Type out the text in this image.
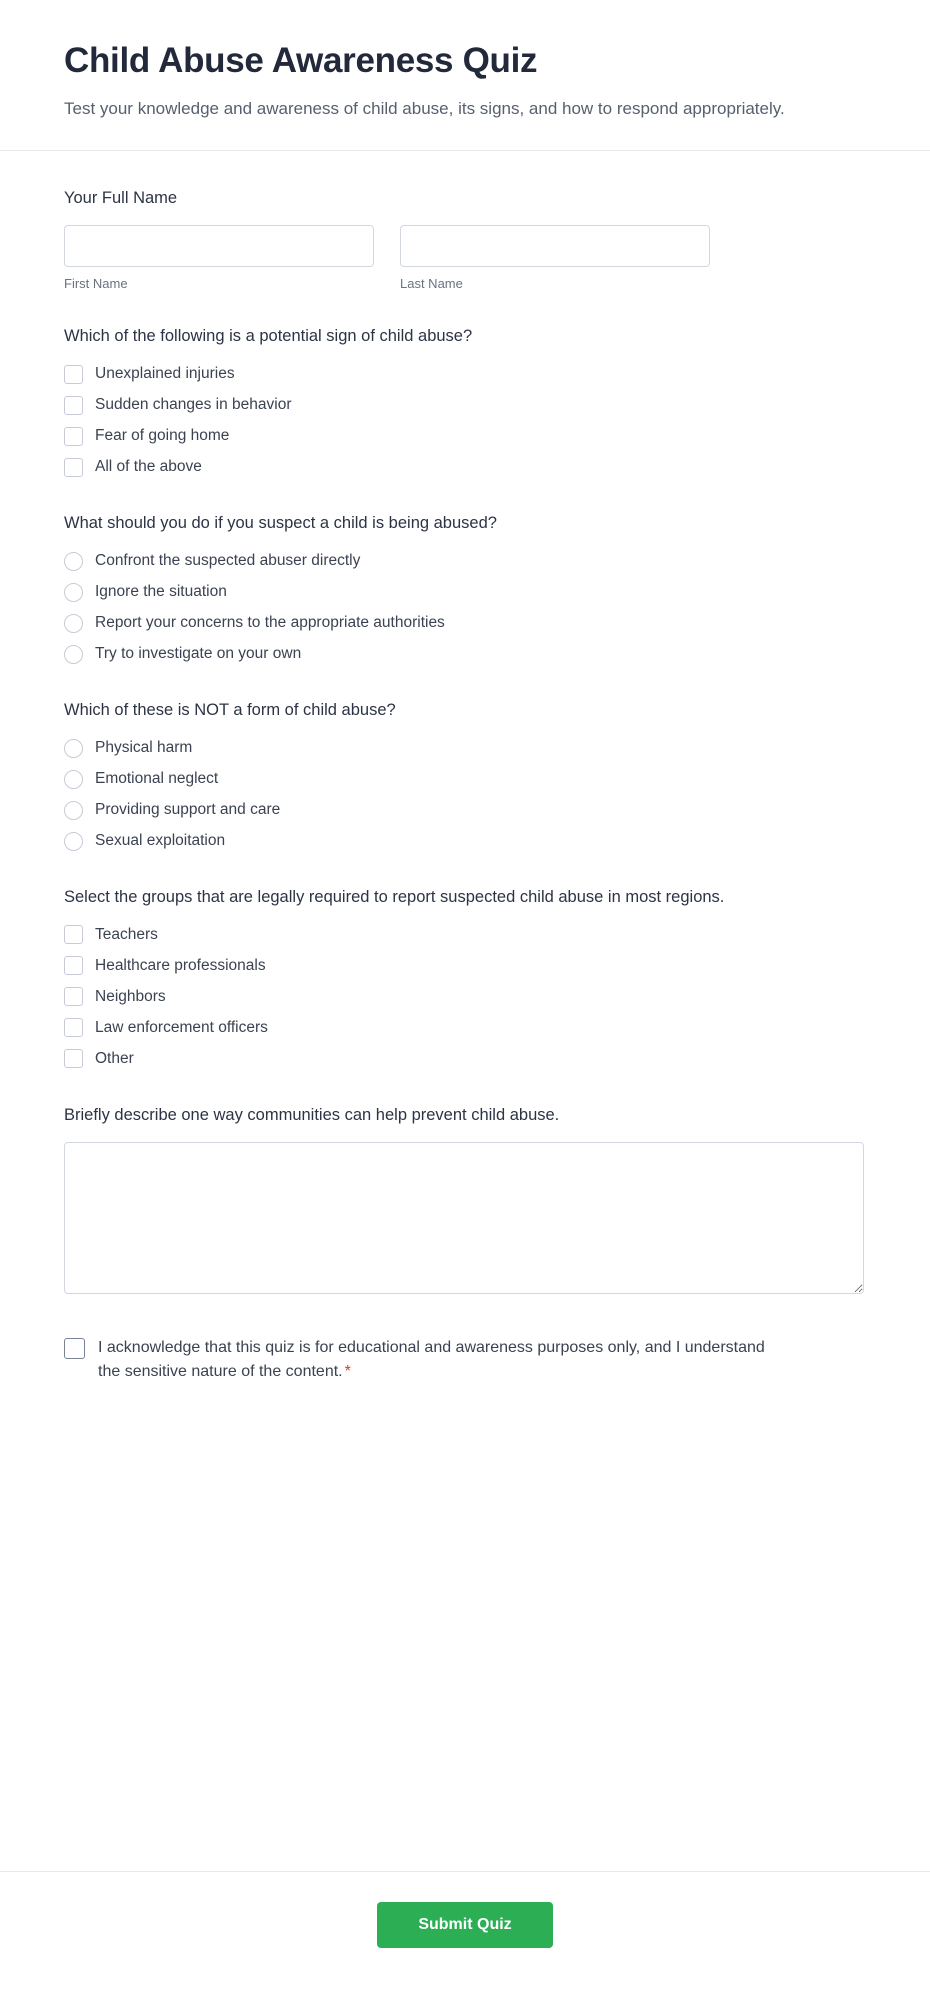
Child Abuse Awareness Quiz

Test your knowledge and awareness of child abuse, its signs, and how to respond appropriately.

Your Full Name
First Name	Last Name
Which of the following is a potential sign of child abuse?
Unexplained injuries
Sudden changes in behavior
Fear of going home
All of the above
What should you do if you suspect a child is being abused?
Confront the suspected abuser directly
Ignore the situation
Report your concerns to the appropriate authorities
Try to investigate on your own
Which of these is NOT a form of child abuse?
Physical harm
Emotional neglect
Providing support and care
Sexual exploitation
Select the groups that are legally required to report suspected child abuse in most regions.
Teachers
Healthcare professionals
Neighbors
Law enforcement officers
Other
Briefly describe one way communities can help prevent child abuse.
I acknowledge that this quiz is for educational and awareness purposes only, and I understand the sensitive nature of the content. *
Submit Quiz
